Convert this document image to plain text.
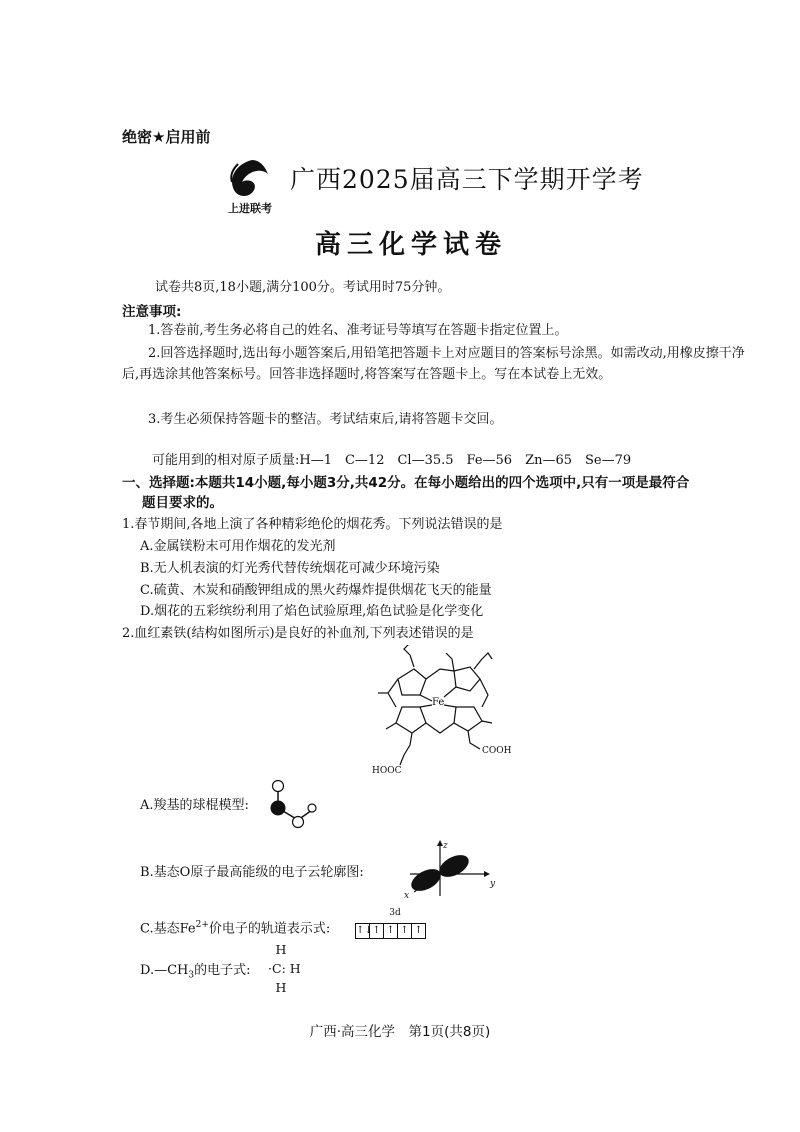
绝密★启用前
上进联考
广西2025届高三下学期开学考
高三化学试卷
试卷共8页,18小题,满分100分。考试用时75分钟。
注意事项:
1.答卷前,考生务必将自己的姓名、准考证号等填写在答题卡指定位置上。
2.回答选择题时,选出每小题答案后,用铅笔把答题卡上对应题目的答案标号涂黑。如需改动,用橡皮擦干净后,再选涂其他答案标号。回答非选择题时,将答案写在答题卡上。写在本试卷上无效。
3.考生必须保持答题卡的整洁。考试结束后,请将答题卡交回。
可能用到的相对原子质量:H—1　C—12　Cl—35.5　Fe—56　Zn—65　Se—79
一、选择题:本题共14小题,每小题3分,共42分。在每小题给出的四个选项中,只有一项是最符合
题目要求的。
1.春节期间,各地上演了各种精彩绝伦的烟花秀。下列说法错误的是
A.金属镁粉末可用作烟花的发光剂
B.无人机表演的灯光秀代替传统烟花可减少环境污染
C.硫黄、木炭和硝酸钾组成的黑火药爆炸提供烟花飞天的能量
D.烟花的五彩缤纷利用了焰色试验原理,焰色试验是化学变化
2.血红素铁(结构如图所示)是良好的补血剂,下列表述错误的是
Fe
COOH
HOOC
A.羧基的球棍模型:
B.基态O原子最高能级的电子云轮廓图:
z
y
x
C.基态$Fe^{2+}$价电子的轨道表示式:
3d
↑↓↑ ↑ ↑ ↑
$D.—CH_3$的电子式:
H
·C: H
H
广西·高三化学　第1页(共8页)
